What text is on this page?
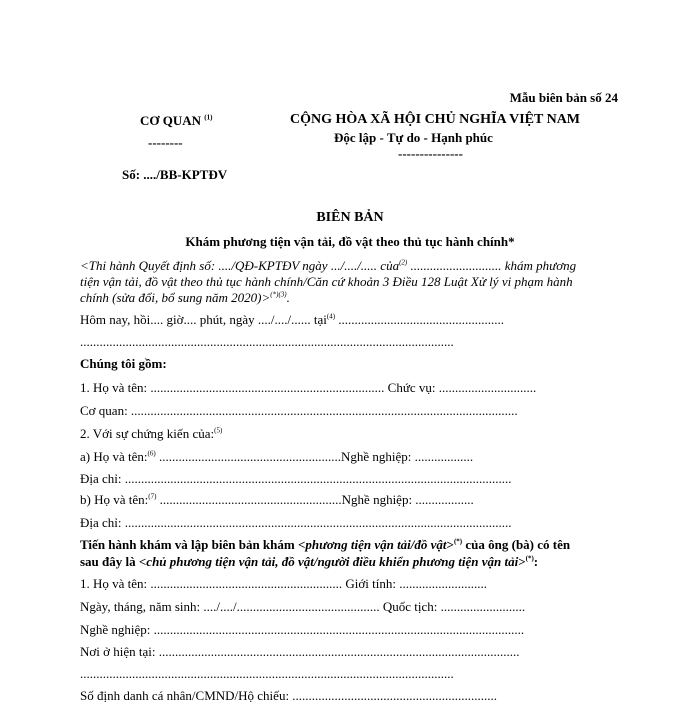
Mẫu biên bản số 24
CƠ QUAN $^{(1)}$
--------
CỘNG HÒA XÃ HỘI CHỦ NGHĨA VIỆT NAM
Độc lập - Tự do - Hạnh phúc
---------------
Số: ..../BB-KPTĐV
BIÊN BẢN
Khám phương tiện vận tải, đồ vật theo thủ tục hành chính*
<Thi hành Quyết định số: ..../QĐ-KPTĐV ngày .../..../..... của$^{(2)}$ ............................ khám phương
tiện vận tải, đồ vật theo thủ tục hành chính/Căn cứ khoản 3 Điều 128 Luật Xử lý vi phạm hành
chính (sửa đổi, bổ sung năm 2020)>$^{(*)(3)}$.
Hôm nay, hồi.... giờ.... phút, ngày ..../..../...... tại$^{(4)}$ ...................................................
...................................................................................................................
Chúng tôi gồm:
1. Họ và tên: ........................................................................ Chức vụ: ..............................
Cơ quan: .......................................................................................................................
2. Với sự chứng kiến của:$^{(5)}$
a) Họ và tên:$^{(6)}$ ........................................................Nghề nghiệp: ..................
Địa chỉ: .......................................................................................................................
b) Họ và tên:$^{(7)}$ ........................................................Nghề nghiệp: ..................
Địa chỉ: .......................................................................................................................
Tiến hành khám và lập biên bản khám <phương tiện vận tải/đồ vật>(*) của ông (bà) có tên
sau đây là <chủ phương tiện vận tải, đồ vật/người điều khiển phương tiện vận tải>(*):
1. Họ và tên: ........................................................... Giới tính: ...........................
Ngày, tháng, năm sinh: ..../..../............................................ Quốc tịch: ..........................
Nghề nghiệp: ..................................................................................................................
Nơi ở hiện tại: ...............................................................................................................
...................................................................................................................
Số định danh cá nhân/CMND/Hộ chiếu: ...............................................................
